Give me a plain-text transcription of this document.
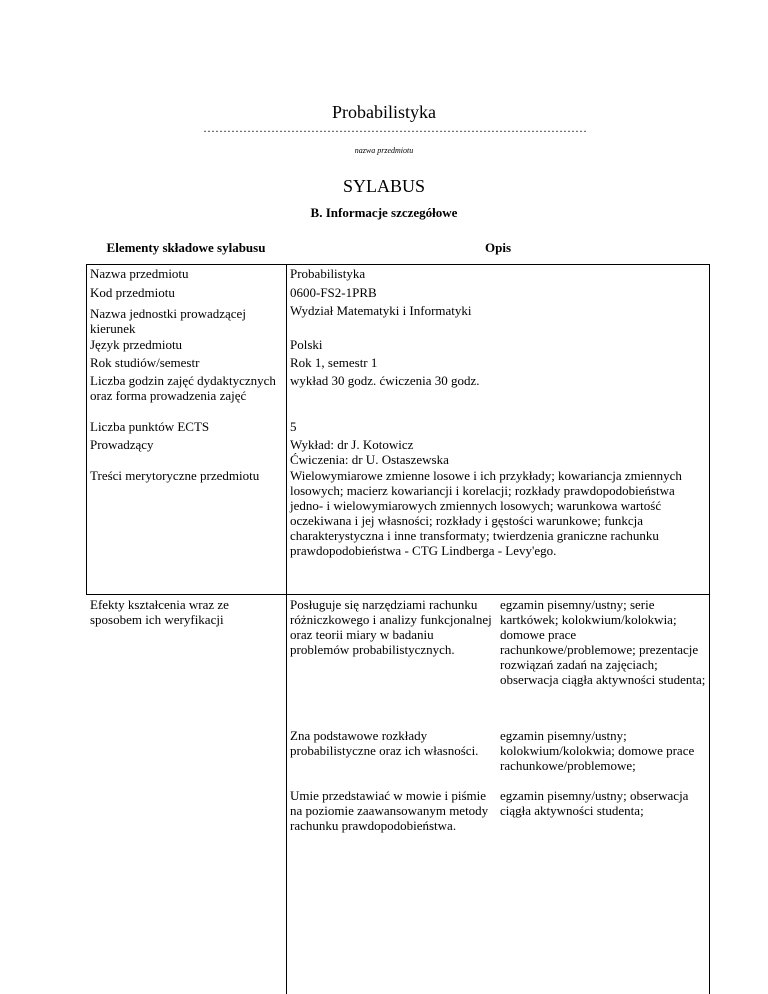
Probabilistyka
……………………………………………………………………………………
nazwa przedmiotu
SYLABUS
B. Informacje szczegółowe
Elementy składowe sylabusu	Opis
Nazwa przedmiotu
Kod przedmiotu
Nazwa jednostki prowadzącej kierunek
Język przedmiotu
Rok studiów/semestr
Liczba godzin zajęć dydaktycznych oraz forma prowadzenia zajęć
Liczba punktów ECTS
Prowadzący
Treści merytoryczne przedmiotu
Probabilistyka
0600-FS2-1PRB
Wydział Matematyki i Informatyki
Polski
Rok 1, semestr 1
wykład 30 godz. ćwiczenia 30 godz.
5
Wykład: dr J. Kotowicz
Ćwiczenia: dr U. Ostaszewska
Wielowymiarowe zmienne losowe i ich przykłady; kowariancja zmiennych losowych; macierz kowariancji i korelacji; rozkłady prawdopodobieństwa jedno- i wielowymiarowych zmiennych losowych; warunkowa wartość oczekiwana i jej własności; rozkłady i gęstości warunkowe; funkcja charakterystyczna i inne transformaty; twierdzenia graniczne rachunku prawdopodobieństwa - CTG Lindberga - Levy'ego.
Efekty kształcenia wraz ze sposobem ich weryfikacji
Posługuje się narzędziami rachunku różniczkowego i analizy funkcjonalnej oraz teorii miary w badaniu problemów probabilistycznych.
egzamin pisemny/ustny; serie kartkówek; kolokwium/kolokwia; domowe prace rachunkowe/problemowe; prezentacje rozwiązań zadań na zajęciach; obserwacja ciągła aktywności studenta;
Zna podstawowe rozkłady probabilistyczne oraz ich własności.
egzamin pisemny/ustny; kolokwium/kolokwia; domowe prace rachunkowe/problemowe;
Umie przedstawiać w mowie i piśmie na poziomie zaawansowanym metody rachunku prawdopodobieństwa.
egzamin pisemny/ustny; obserwacja ciągła aktywności studenta;
